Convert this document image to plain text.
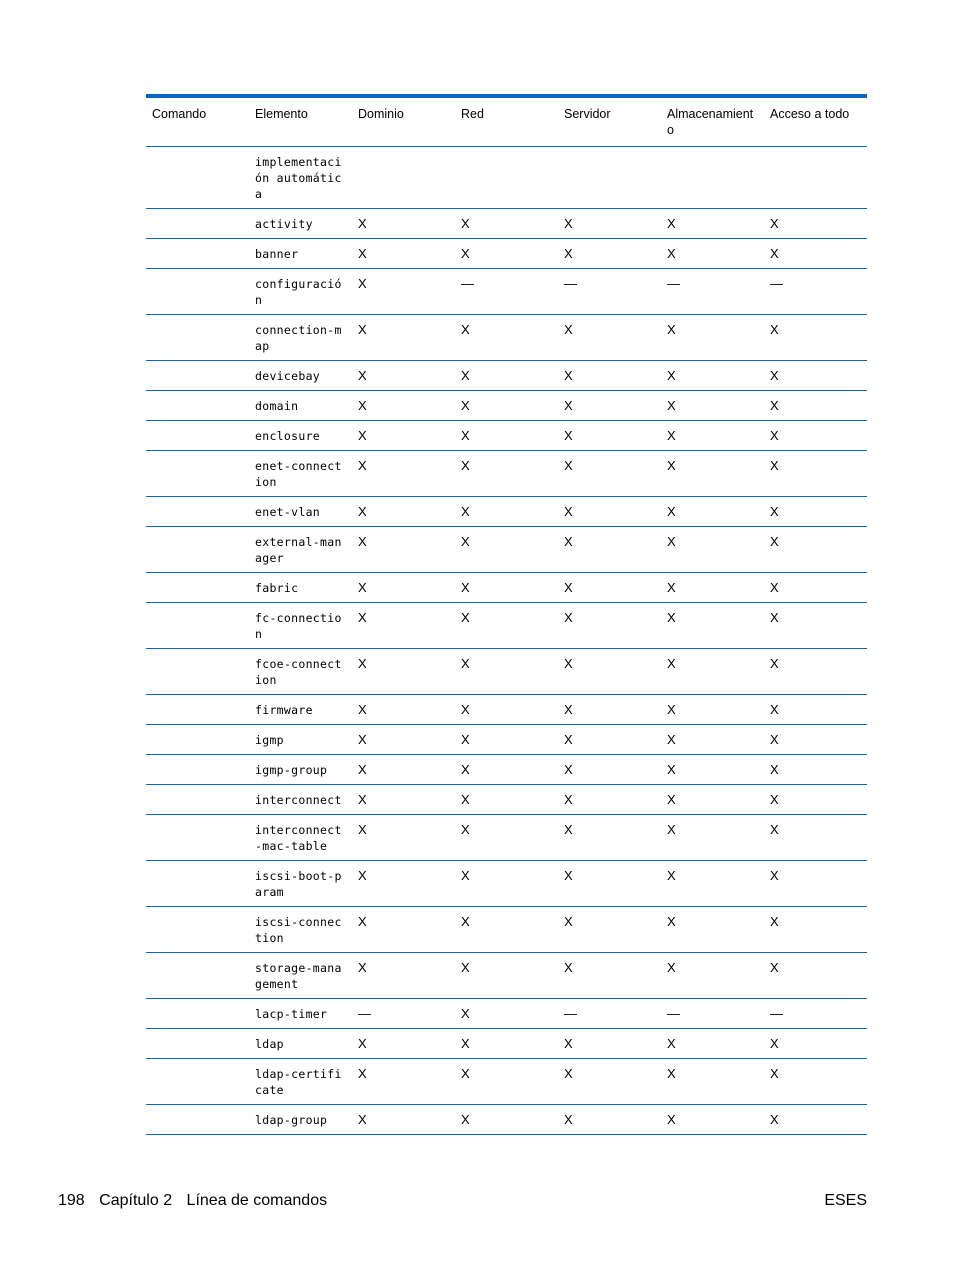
Comando	Elemento	Dominio	Red	Servidor	Almacenamiento	Acceso a todo
	implementación automática					
	activity	X	X	X	X	X
	banner	X	X	X	X	X
	configuración	X	—	—	—	—
	connection-map	X	X	X	X	X
	devicebay	X	X	X	X	X
	domain	X	X	X	X	X
	enclosure	X	X	X	X	X
	enet-connection	X	X	X	X	X
	enet-vlan	X	X	X	X	X
	external-manager	X	X	X	X	X
	fabric	X	X	X	X	X
	fc-connection	X	X	X	X	X
	fcoe-connection	X	X	X	X	X
	firmware	X	X	X	X	X
	igmp	X	X	X	X	X
	igmp-group	X	X	X	X	X
	interconnect	X	X	X	X	X
	interconnect-mac-table	X	X	X	X	X
	iscsi-boot-param	X	X	X	X	X
	iscsi-connection	X	X	X	X	X
	storage-management	X	X	X	X	X
	lacp-timer	—	X	—	—	—
	ldap	X	X	X	X	X
	ldap-certificate	X	X	X	X	X
	ldap-group	X	X	X	X	X
198 Capítulo 2 Línea de comandos	ESES
